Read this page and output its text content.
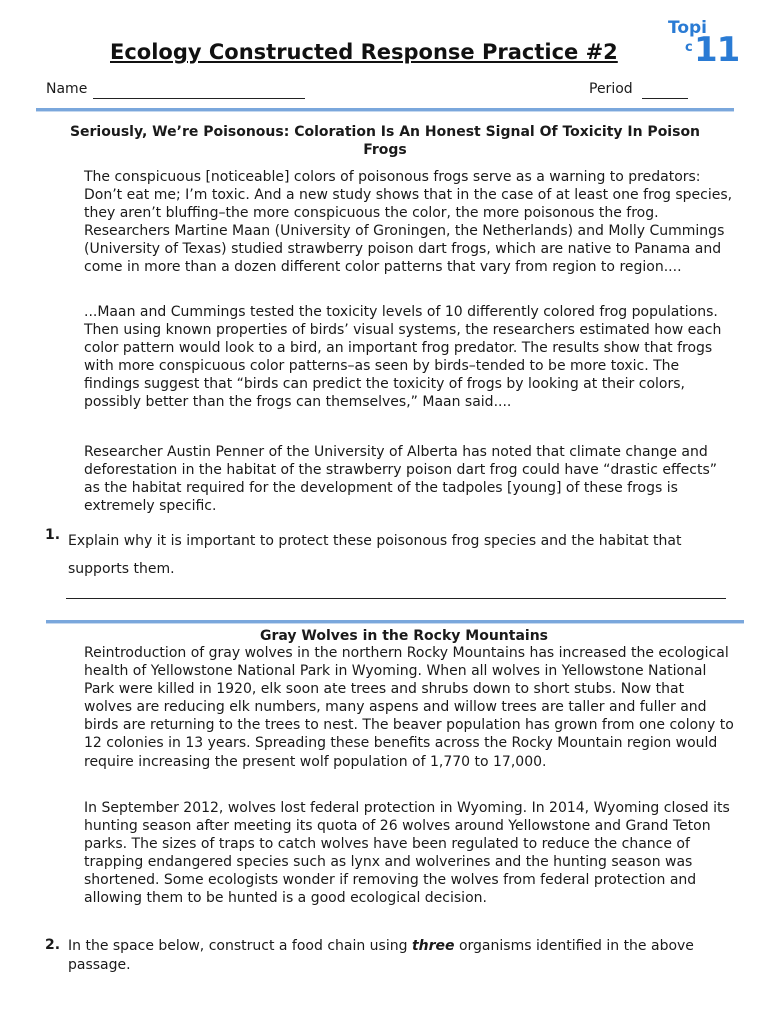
Topi
c 11
Ecology Constructed Response Practice #2
Name	Period
Seriously, We’re Poisonous: Coloration Is An Honest Signal Of Toxicity In Poison Frogs
The conspicuous [noticeable] colors of poisonous frogs serve as a warning to predators: Don’t eat me; I’m toxic. And a new study shows that in the case of at least one frog species, they aren’t bluffing–the more conspicuous the color, the more poisonous the frog. Researchers Martine Maan (University of Groningen, the Netherlands) and Molly Cummings (University of Texas) studied strawberry poison dart frogs, which are native to Panama and come in more than a dozen different color patterns that vary from region to region....
...Maan and Cummings tested the toxicity levels of 10 differently colored frog populations. Then using known properties of birds’ visual systems, the researchers estimated how each color pattern would look to a bird, an important frog predator. The results show that frogs with more conspicuous color patterns–as seen by birds–tended to be more toxic. The findings suggest that “birds can predict the toxicity of frogs by looking at their colors, possibly better than the frogs can themselves,” Maan said....
Researcher Austin Penner of the University of Alberta has noted that climate change and deforestation in the habitat of the strawberry poison dart frog could have “drastic effects” as the habitat required for the development of the tadpoles [young] of these frogs is extremely specific.
1. Explain why it is important to protect these poisonous frog species and the habitat that supports them.
Gray Wolves in the Rocky Mountains
Reintroduction of gray wolves in the northern Rocky Mountains has increased the ecological health of Yellowstone National Park in Wyoming. When all wolves in Yellowstone National Park were killed in 1920, elk soon ate trees and shrubs down to short stubs. Now that wolves are reducing elk numbers, many aspens and willow trees are taller and fuller and birds are returning to the trees to nest. The beaver population has grown from one colony to 12 colonies in 13 years. Spreading these benefits across the Rocky Mountain region would require increasing the present wolf population of 1,770 to 17,000.
In September 2012, wolves lost federal protection in Wyoming. In 2014, Wyoming closed its hunting season after meeting its quota of 26 wolves around Yellowstone and Grand Teton parks. The sizes of traps to catch wolves have been regulated to reduce the chance of trapping endangered species such as lynx and wolverines and the hunting season was shortened. Some ecologists wonder if removing the wolves from federal protection and allowing them to be hunted is a good ecological decision.
2. In the space below, construct a food chain using three organisms identified in the above passage.
